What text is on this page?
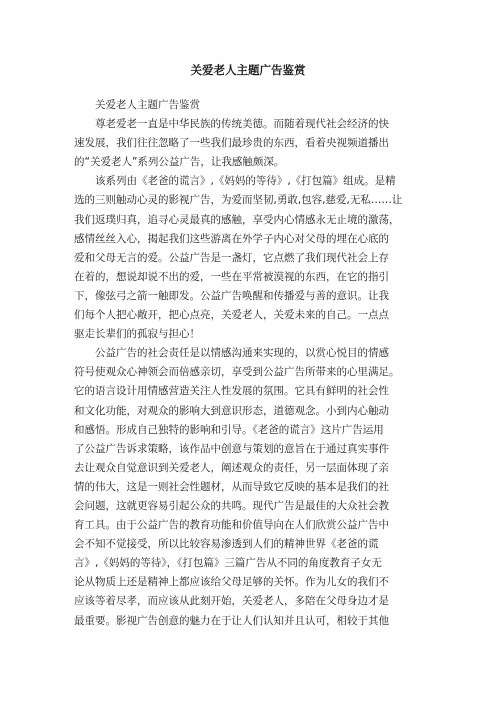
关爱老人主题广告鉴赏
关爱老人主题广告鉴赏
尊老爱老一直是中华民族的传统美德。而随着现代社会经济的快
速发展，我们往往忽略了一些我们最珍贵的东西，看着央视频道播出
的“关爱老人”系列公益广告，让我感触颇深。
该系列由《老爸的谎言》,《妈妈的等待》,《打包篇》组成。是精
选的三则触动心灵的影视广告，为爱而坚韧,勇敢,包容,慈爱,无私……让
我们返璞归真，追寻心灵最真的感触，享受内心情感永无止境的激荡，
感情丝丝入心，揭起我们这些游离在外学子内心对父母的埋在心底的
爱和父母无言的爱。公益广告是一盏灯，它点燃了我们现代社会上存
在着的，想说却说不出的爱，一些在平常被漠视的东西，在它的指引
下，像弦弓之箭一触即发。公益广告唤醒和传播爱与善的意识。让我
们每个人把心敞开，把心点亮，关爱老人，关爱未来的自己。一点点
驱走长辈们的孤寂与担心！
公益广告的社会责任是以情感沟通来实现的，以赏心悦目的情感
符号使观众心神领会而倍感亲切，享受到公益广告所带来的心里满足。
它的语言设计用情感营造关注人性发展的氛围。它具有鲜明的社会性
和文化功能，对观众的影响大到意识形态，道德观念。小到内心触动
和感悟。形成自己独特的影响和引导。《老爸的谎言》这片广告运用
了公益广告诉求策略，该作品中创意与策划的意旨在于通过真实事件
去让观众自觉意识到关爱老人，阐述观众的责任，另一层面体现了亲
情的伟大，这是一则社会性题材，从而导致它反映的基本是我们的社
会问题，这就更容易引起公众的共鸣。现代广告是最佳的大众社会教
育工具。由于公益广告的教育功能和价值导向在人们欣赏公益广告中
会不知不觉接受，所以比较容易渗透到人们的精神世界《老爸的谎
言》,《妈妈的等待》，《打包篇》三篇广告从不同的角度教育子女无
论从物质上还是精神上都应该给父母足够的关怀。作为儿女的我们不
应该等着尽孝，而应该从此刻开始，关爱老人，多陪在父母身边才是
最重要。影视广告创意的魅力在于让人们认知并且认可，相较于其他
